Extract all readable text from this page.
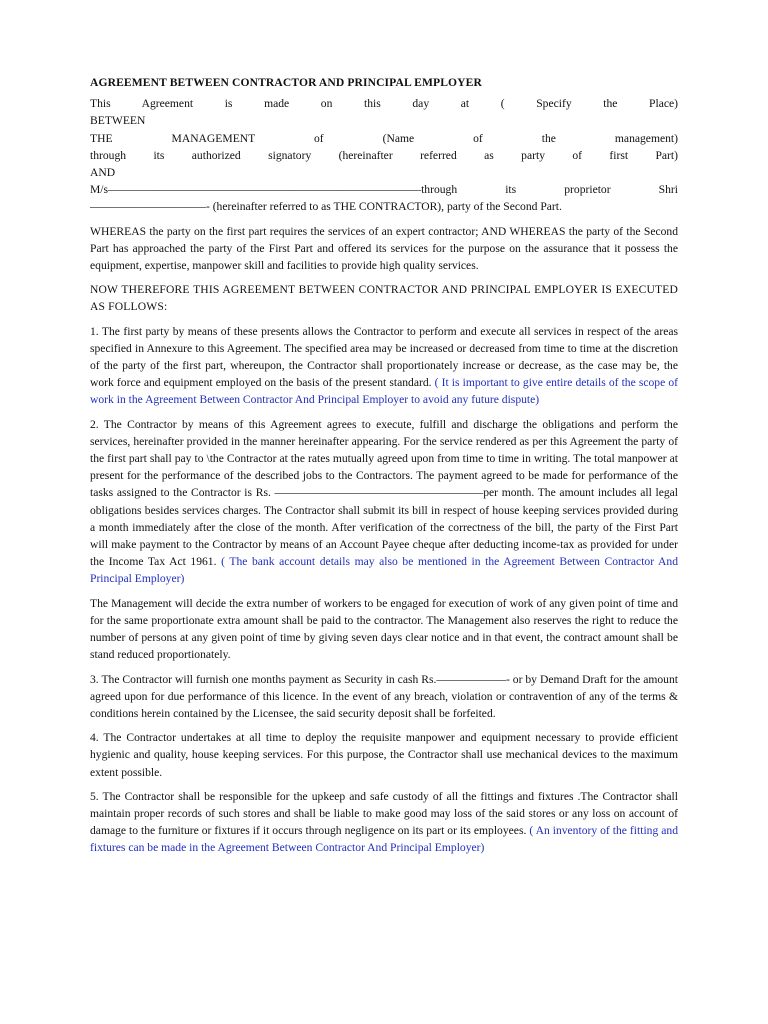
AGREEMENT BETWEEN CONTRACTOR AND PRINCIPAL EMPLOYER

This Agreement is made on this day at ( Specify the Place)

BETWEEN

THE MANAGEMENT of (Name of the management)

through its authorized signatory (hereinafter referred as party of first Part)

AND

M/s———————————————————————————through its proprietor Shri

——————————- (hereinafter referred to as THE CONTRACTOR), party of the Second Part.

WHEREAS the party on the first part requires the services of an expert contractor; AND WHEREAS the party of the Second Part has approached the party of the First Part and offered its services for the purpose on the assurance that it possess the equipment, expertise, manpower skill and facilities to provide high quality services.

NOW THEREFORE THIS AGREEMENT BETWEEN CONTRACTOR AND PRINCIPAL EMPLOYER IS EXECUTED AS FOLLOWS:

1. The first party by means of these presents allows the Contractor to perform and execute all services in respect of the areas specified in Annexure to this Agreement. The specified area may be increased or decreased from time to time at the discretion of the party of the first part, whereupon, the Contractor shall proportionately increase or decrease, as the case may be, the work force and equipment employed on the basis of the present standard. ( It is important to give entire details of the scope of work in the Agreement Between Contractor And Principal Employer to avoid any future dispute)

2. The Contractor by means of this Agreement agrees to execute, fulfill and discharge the obligations and perform the services, hereinafter provided in the manner hereinafter appearing. For the service rendered as per this Agreement the party of the first part shall pay to \the Contractor at the rates mutually agreed upon from time to time in writing. The total manpower at present for the performance of the described jobs to the Contractors. The payment agreed to be made for performance of the tasks assigned to the Contractor is Rs. ——————————————————per month. The amount includes all legal obligations besides services charges. The Contractor shall submit its bill in respect of house keeping services provided during a month immediately after the close of the month. After verification of the correctness of the bill, the party of the First Part will make payment to the Contractor by means of an Account Payee cheque after deducting income-tax as provided for under the Income Tax Act 1961. ( The bank account details may also be mentioned in the Agreement Between Contractor And Principal Employer)

The Management will decide the extra number of workers to be engaged for execution of work of any given point of time and for the same proportionate extra amount shall be paid to the contractor. The Management also reserves the right to reduce the number of persons at any given point of time by giving seven days clear notice and in that event, the contract amount shall be stand reduced proportionately.

3. The Contractor will furnish one months payment as Security in cash Rs.——————- or by Demand Draft for the amount agreed upon for due performance of this licence. In the event of any breach, violation or contravention of any of the terms & conditions herein contained by the Licensee, the said security deposit shall be forfeited.

4. The Contractor undertakes at all time to deploy the requisite manpower and equipment necessary to provide efficient hygienic and quality, house keeping services. For this purpose, the Contractor shall use mechanical devices to the maximum extent possible.

5. The Contractor shall be responsible for the upkeep and safe custody of all the fittings and fixtures .The Contractor shall maintain proper records of such stores and shall be liable to make good may loss of the said stores or any loss on account of damage to the furniture or fixtures if it occurs through negligence on its part or its employees. ( An inventory of the fitting and fixtures can be made in the Agreement Between Contractor And Principal Employer)
